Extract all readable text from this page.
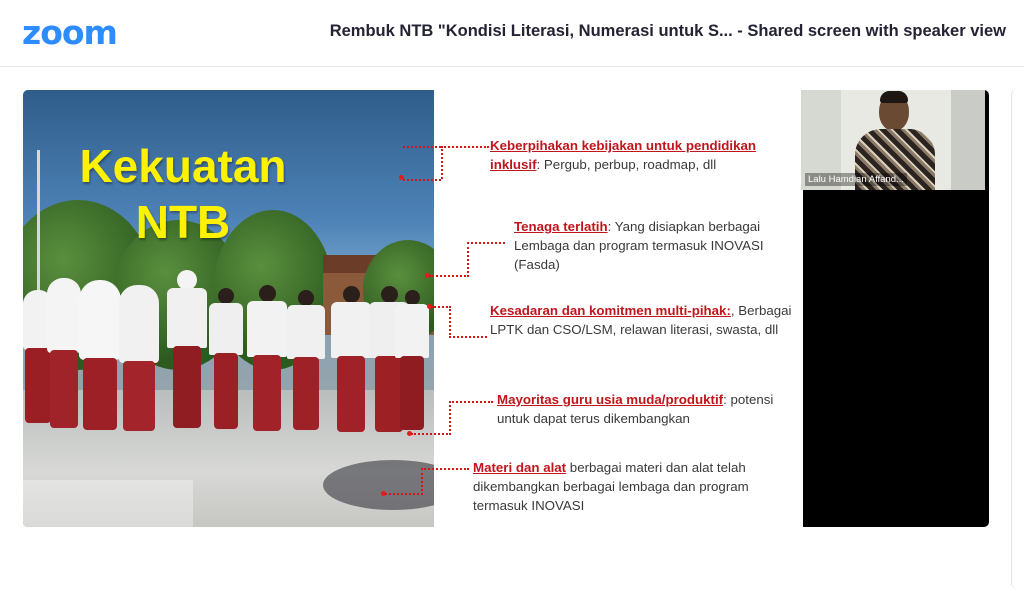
zoom	Rembuk NTB "Kondisi Literasi, Numerasi untuk S... - Shared screen with speaker view
Kekuatan
NTB
Keberpihakan kebijakan untuk pendidikan inklusif: Pergub, perbup, roadmap, dll
Tenaga terlatih: Yang disiapkan berbagai Lembaga dan program termasuk INOVASI (Fasda)
Kesadaran dan komitmen multi-pihak:, Berbagai LPTK dan CSO/LSM, relawan literasi, swasta, dll
Mayoritas guru usia muda/produktif: potensi untuk dapat terus dikembangkan
Materi dan alat berbagai materi dan alat telah dikembangkan berbagai lembaga dan program termasuk INOVASI
Lalu Hamdian Affand...
